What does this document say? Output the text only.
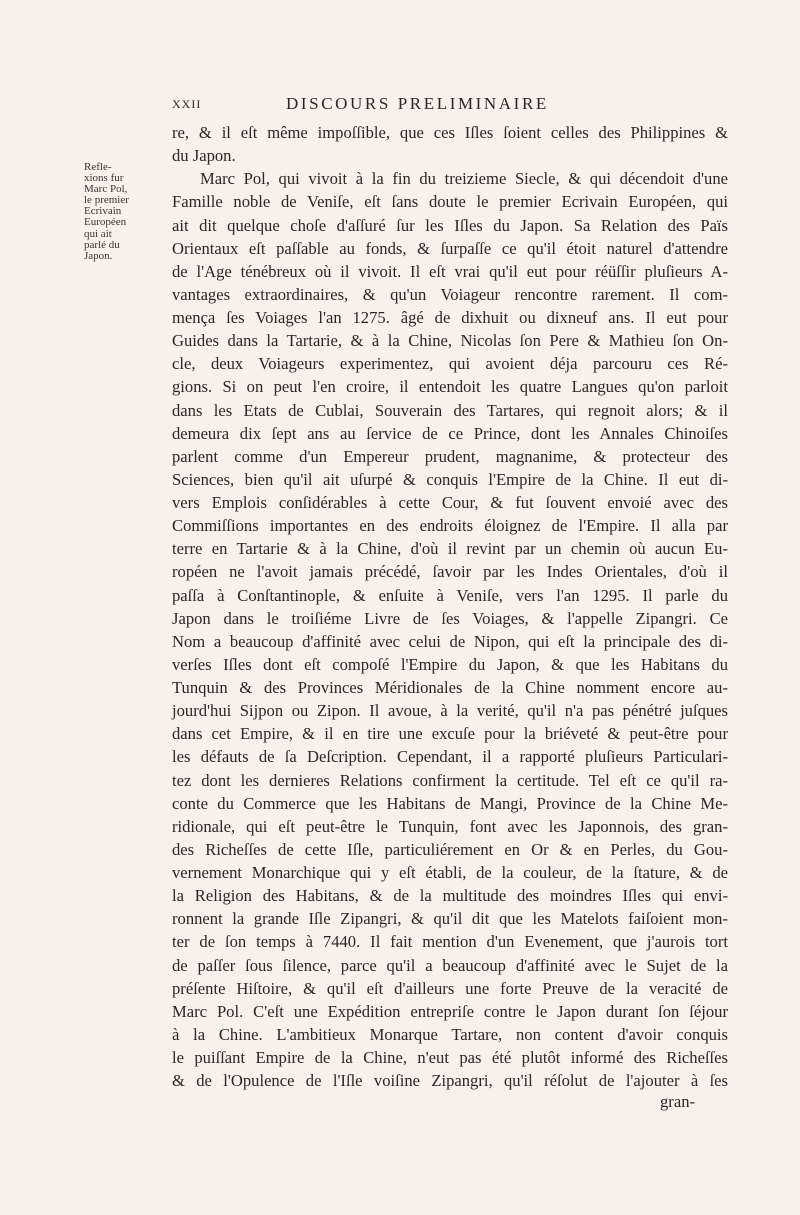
XXII	DISCOURS PRELIMINAIRE
Refle-
xions fur
Marc Pol,
le premier
Ecrivain
Européen
qui ait
parlé du
Japon.
re, & il eſt même impoſſible, que ces Iſles ſoient celles des Philippines &
du Japon.
Marc Pol, qui vivoit à la fin du treizieme Siecle, & qui décendoit d'une
Famille noble de Veniſe, eſt ſans doute le premier Ecrivain Européen, qui
ait dit quelque choſe d'aſſuré ſur les Iſles du Japon. Sa Relation des Païs
Orientaux eſt paſſable au fonds, & ſurpaſſe ce qu'il étoit naturel d'attendre
de l'Age ténébreux où il vivoit. Il eſt vrai qu'il eut pour réüſſir pluſieurs A-
vantages extraordinaires, & qu'un Voiageur rencontre rarement. Il com-
mença ſes Voiages l'an 1275. âgé de dixhuit ou dixneuf ans. Il eut pour
Guides dans la Tartarie, & à la Chine, Nicolas ſon Pere & Mathieu ſon On-
cle, deux Voiageurs experimentez, qui avoient déja parcouru ces Ré-
gions. Si on peut l'en croire, il entendoit les quatre Langues qu'on parloit
dans les Etats de Cublai, Souverain des Tartares, qui regnoit alors; & il
demeura dix ſept ans au ſervice de ce Prince, dont les Annales Chinoiſes
parlent comme d'un Empereur prudent, magnanime, & protecteur des
Sciences, bien qu'il ait uſurpé & conquis l'Empire de la Chine. Il eut di-
vers Emplois conſidérables à cette Cour, & fut ſouvent envoié avec des
Commiſſions importantes en des endroits éloignez de l'Empire. Il alla par
terre en Tartarie & à la Chine, d'où il revint par un chemin où aucun Eu-
ropéen ne l'avoit jamais précédé, ſavoir par les Indes Orientales, d'où il
paſſa à Conſtantinople, & enſuite à Veniſe, vers l'an 1295. Il parle du
Japon dans le troiſiéme Livre de ſes Voiages, & l'appelle Zipangri. Ce
Nom a beaucoup d'affinité avec celui de Nipon, qui eſt la principale des di-
verſes Iſles dont eſt compoſé l'Empire du Japon, & que les Habitans du
Tunquin & des Provinces Méridionales de la Chine nomment encore au-
jourd'hui Sijpon ou Zipon. Il avoue, à la verité, qu'il n'a pas pénétré juſques
dans cet Empire, & il en tire une excuſe pour la briéveté & peut-être pour
les défauts de ſa Deſcription. Cependant, il a rapporté pluſieurs Particulari-
tez dont les dernieres Relations confirment la certitude. Tel eſt ce qu'il ra-
conte du Commerce que les Habitans de Mangi, Province de la Chine Me-
ridionale, qui eſt peut-être le Tunquin, font avec les Japonnois, des gran-
des Richeſſes de cette Iſle, particuliérement en Or & en Perles, du Gou-
vernement Monarchique qui y eſt établi, de la couleur, de la ſtature, & de
la Religion des Habitans, & de la multitude des moindres Iſles qui envi-
ronnent la grande Iſle Zipangri, & qu'il dit que les Matelots faiſoient mon-
ter de ſon temps à 7440. Il fait mention d'un Evenement, que j'aurois tort
de paſſer ſous ſilence, parce qu'il a beaucoup d'affinité avec le Sujet de la
préſente Hiſtoire, & qu'il eſt d'ailleurs une forte Preuve de la veracité de
Marc Pol. C'eſt une Expédition entrepriſe contre le Japon durant ſon ſéjour
à la Chine. L'ambitieux Monarque Tartare, non content d'avoir conquis
le puiſſant Empire de la Chine, n'eut pas été plutôt informé des Richeſſes
& de l'Opulence de l'Iſle voiſine Zipangri, qu'il réſolut de l'ajouter à ſes
gran-
